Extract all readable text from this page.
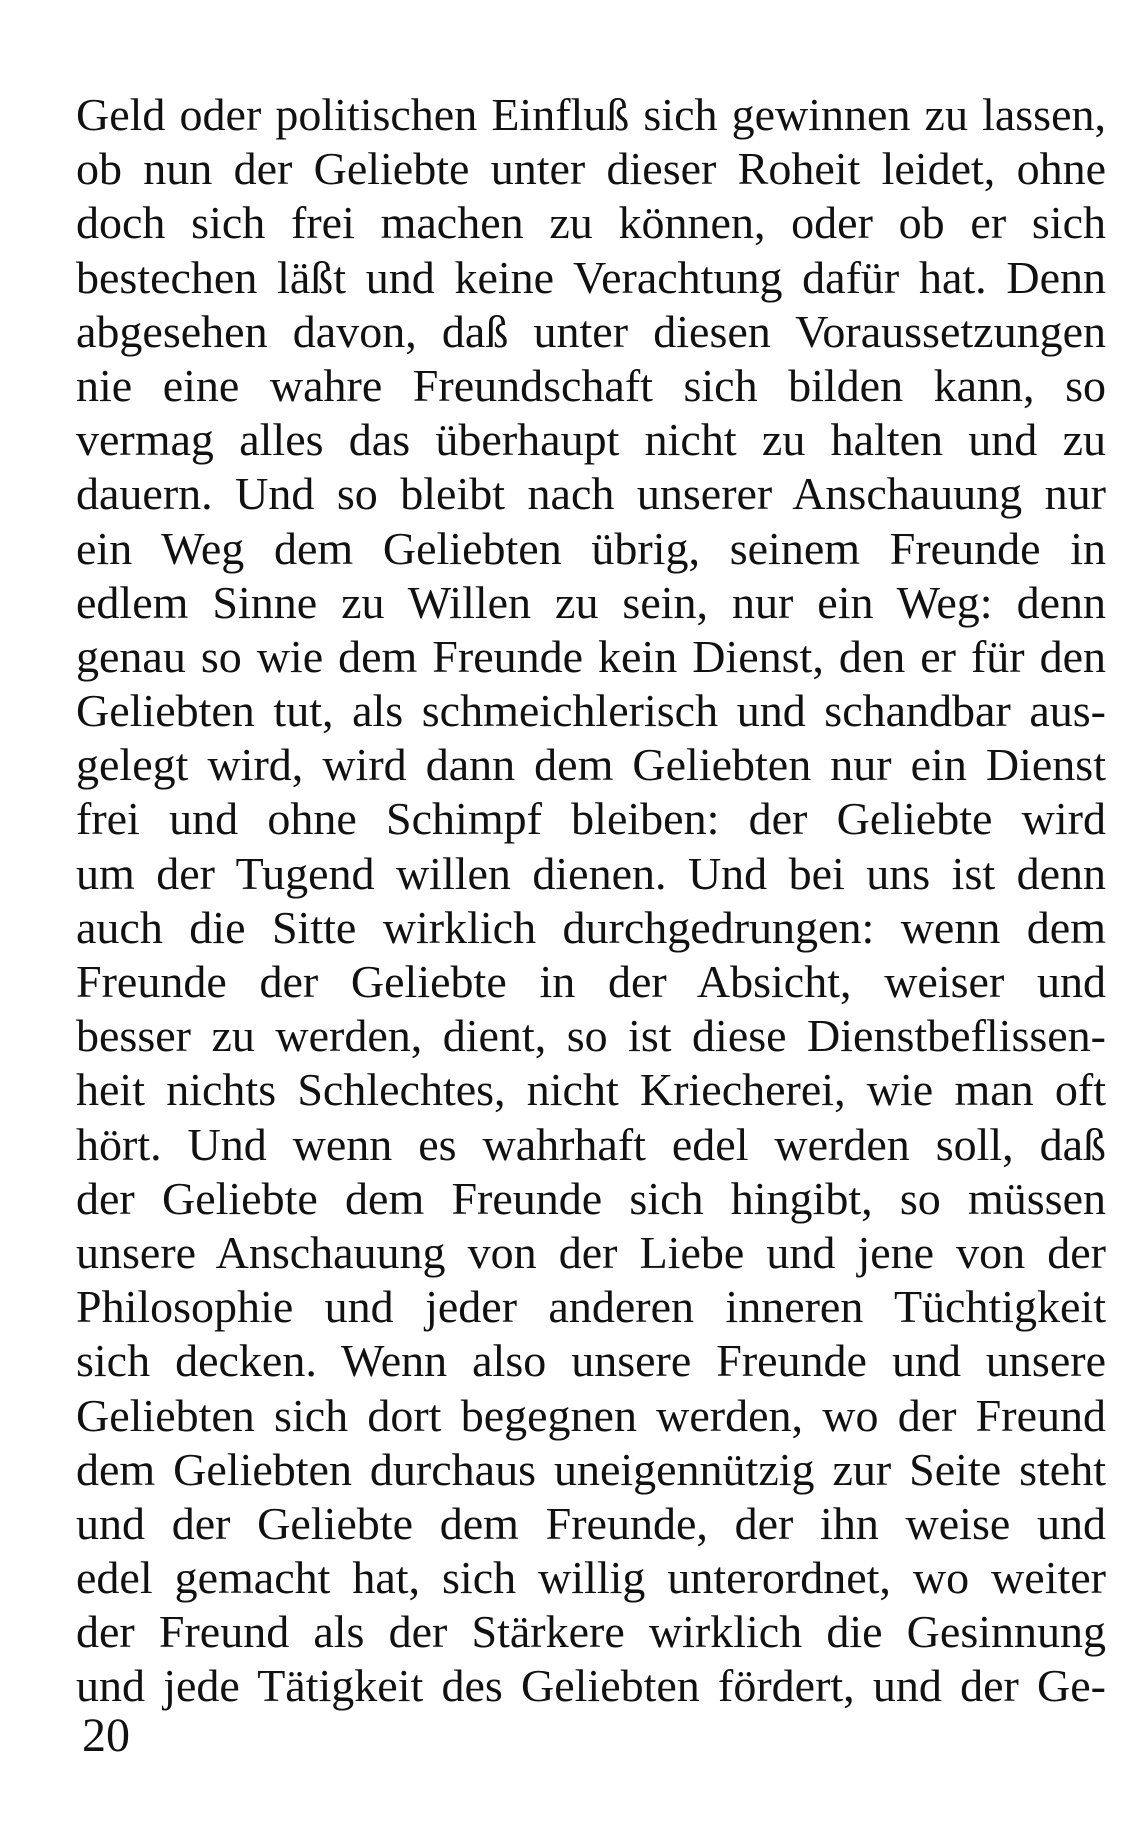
Geld oder politischen Einfluß sich gewinnen zu lassen,
ob nun der Geliebte unter dieser Roheit leidet, ohne
doch sich frei machen zu können, oder ob er sich
bestechen läßt und keine Verachtung dafür hat. Denn
abgesehen davon, daß unter diesen Voraussetzungen
nie eine wahre Freundschaft sich bilden kann, so
vermag alles das überhaupt nicht zu halten und zu
dauern. Und so bleibt nach unserer Anschauung nur
ein Weg dem Geliebten übrig, seinem Freunde in
edlem Sinne zu Willen zu sein, nur ein Weg: denn
genau so wie dem Freunde kein Dienst, den er für den
Geliebten tut, als schmeichlerisch und schandbar aus-
gelegt wird, wird dann dem Geliebten nur ein Dienst
frei und ohne Schimpf bleiben: der Geliebte wird
um der Tugend willen dienen. Und bei uns ist denn
auch die Sitte wirklich durchgedrungen: wenn dem
Freunde der Geliebte in der Absicht, weiser und
besser zu werden, dient, so ist diese Dienstbeflissen-
heit nichts Schlechtes, nicht Kriecherei, wie man oft
hört. Und wenn es wahrhaft edel werden soll, daß
der Geliebte dem Freunde sich hingibt, so müssen
unsere Anschauung von der Liebe und jene von der
Philosophie und jeder anderen inneren Tüchtigkeit
sich decken. Wenn also unsere Freunde und unsere
Geliebten sich dort begegnen werden, wo der Freund
dem Geliebten durchaus uneigennützig zur Seite steht
und der Geliebte dem Freunde, der ihn weise und
edel gemacht hat, sich willig unterordnet, wo weiter
der Freund als der Stärkere wirklich die Gesinnung
und jede Tätigkeit des Geliebten fördert, und der Ge-
20
